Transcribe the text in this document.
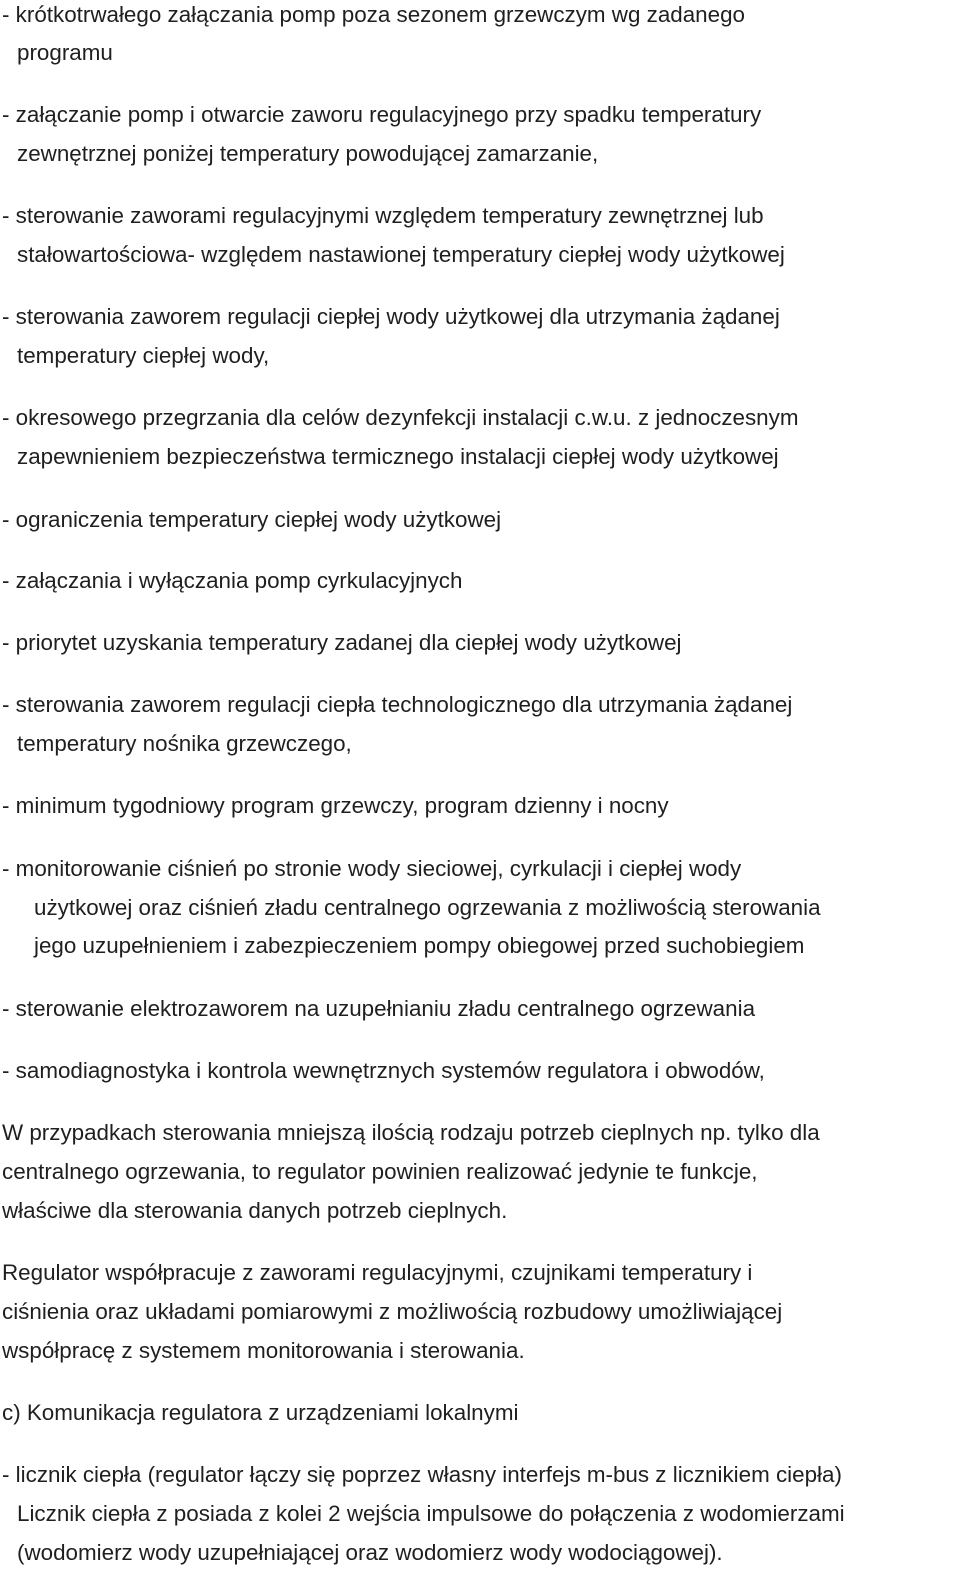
- krótkotrwałego załączania pomp poza sezonem grzewczym wg zadanego
programu
- załączanie pomp i otwarcie zaworu regulacyjnego przy spadku temperatury
zewnętrznej poniżej temperatury powodującej zamarzanie,
- sterowanie zaworami regulacyjnymi względem temperatury zewnętrznej lub
stałowartościowa- względem nastawionej temperatury ciepłej wody użytkowej
- sterowania zaworem regulacji ciepłej wody użytkowej dla utrzymania żądanej
temperatury ciepłej wody,
- okresowego przegrzania dla celów dezynfekcji instalacji c.w.u. z jednoczesnym
zapewnieniem bezpieczeństwa termicznego instalacji ciepłej wody użytkowej
- ograniczenia temperatury ciepłej wody użytkowej
- załączania i wyłączania pomp cyrkulacyjnych
- priorytet uzyskania temperatury zadanej dla ciepłej wody użytkowej
- sterowania zaworem regulacji ciepła technologicznego dla utrzymania żądanej
temperatury nośnika grzewczego,
- minimum tygodniowy program grzewczy, program dzienny i nocny
- monitorowanie ciśnień po stronie wody sieciowej, cyrkulacji i ciepłej wody
użytkowej oraz ciśnień zładu centralnego ogrzewania z możliwością sterowania
jego uzupełnieniem i zabezpieczeniem pompy obiegowej przed suchobiegiem
- sterowanie elektrozaworem na uzupełnianiu zładu centralnego ogrzewania
- samodiagnostyka i kontrola wewnętrznych systemów regulatora i obwodów,
W przypadkach sterowania mniejszą ilością rodzaju potrzeb cieplnych np. tylko dla
centralnego ogrzewania, to regulator powinien realizować jedynie te funkcje,
właściwe dla sterowania danych potrzeb cieplnych.
Regulator współpracuje z zaworami regulacyjnymi, czujnikami temperatury i
ciśnienia oraz układami pomiarowymi z możliwością rozbudowy umożliwiającej
współpracę z systemem monitorowania i sterowania.
c) Komunikacja regulatora z urządzeniami lokalnymi
- licznik ciepła (regulator łączy się poprzez własny interfejs m-bus z licznikiem ciepła)
Licznik ciepła z posiada z kolei 2 wejścia impulsowe do połączenia z wodomierzami
(wodomierz wody uzupełniającej oraz wodomierz wody wodociągowej).
